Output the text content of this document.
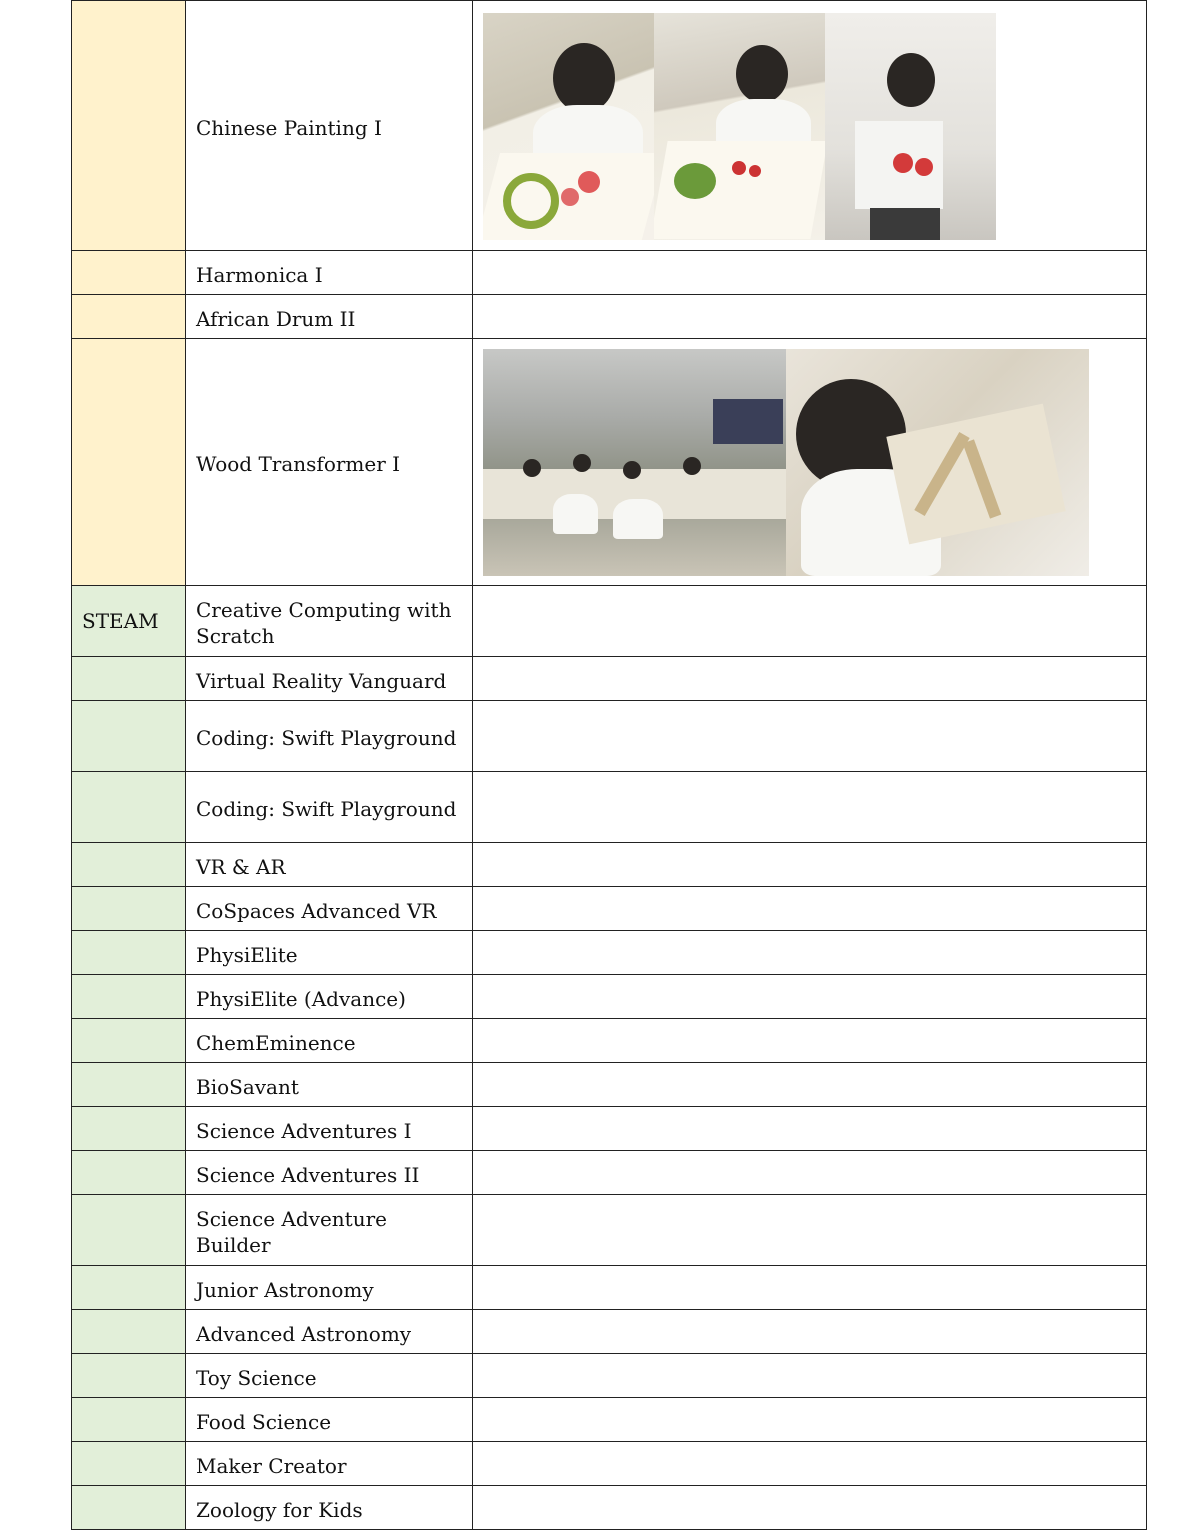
	Chinese Painting I	

	Harmonica I	
	African Drum II	
	Wood Transformer I	

STEAM	Creative Computing with Scratch	
	Virtual Reality Vanguard	
	Coding: Swift Playground	
	Coding: Swift Playground	
	VR & AR	
	CoSpaces Advanced VR	
	PhysiElite	
	PhysiElite (Advance)	
	ChemEminence	
	BioSavant	
	Science Adventures I	
	Science Adventures II	
	Science Adventure Builder	
	Junior Astronomy	
	Advanced Astronomy	
	Toy Science	
	Food Science	
	Maker Creator	
	Zoology for Kids	
